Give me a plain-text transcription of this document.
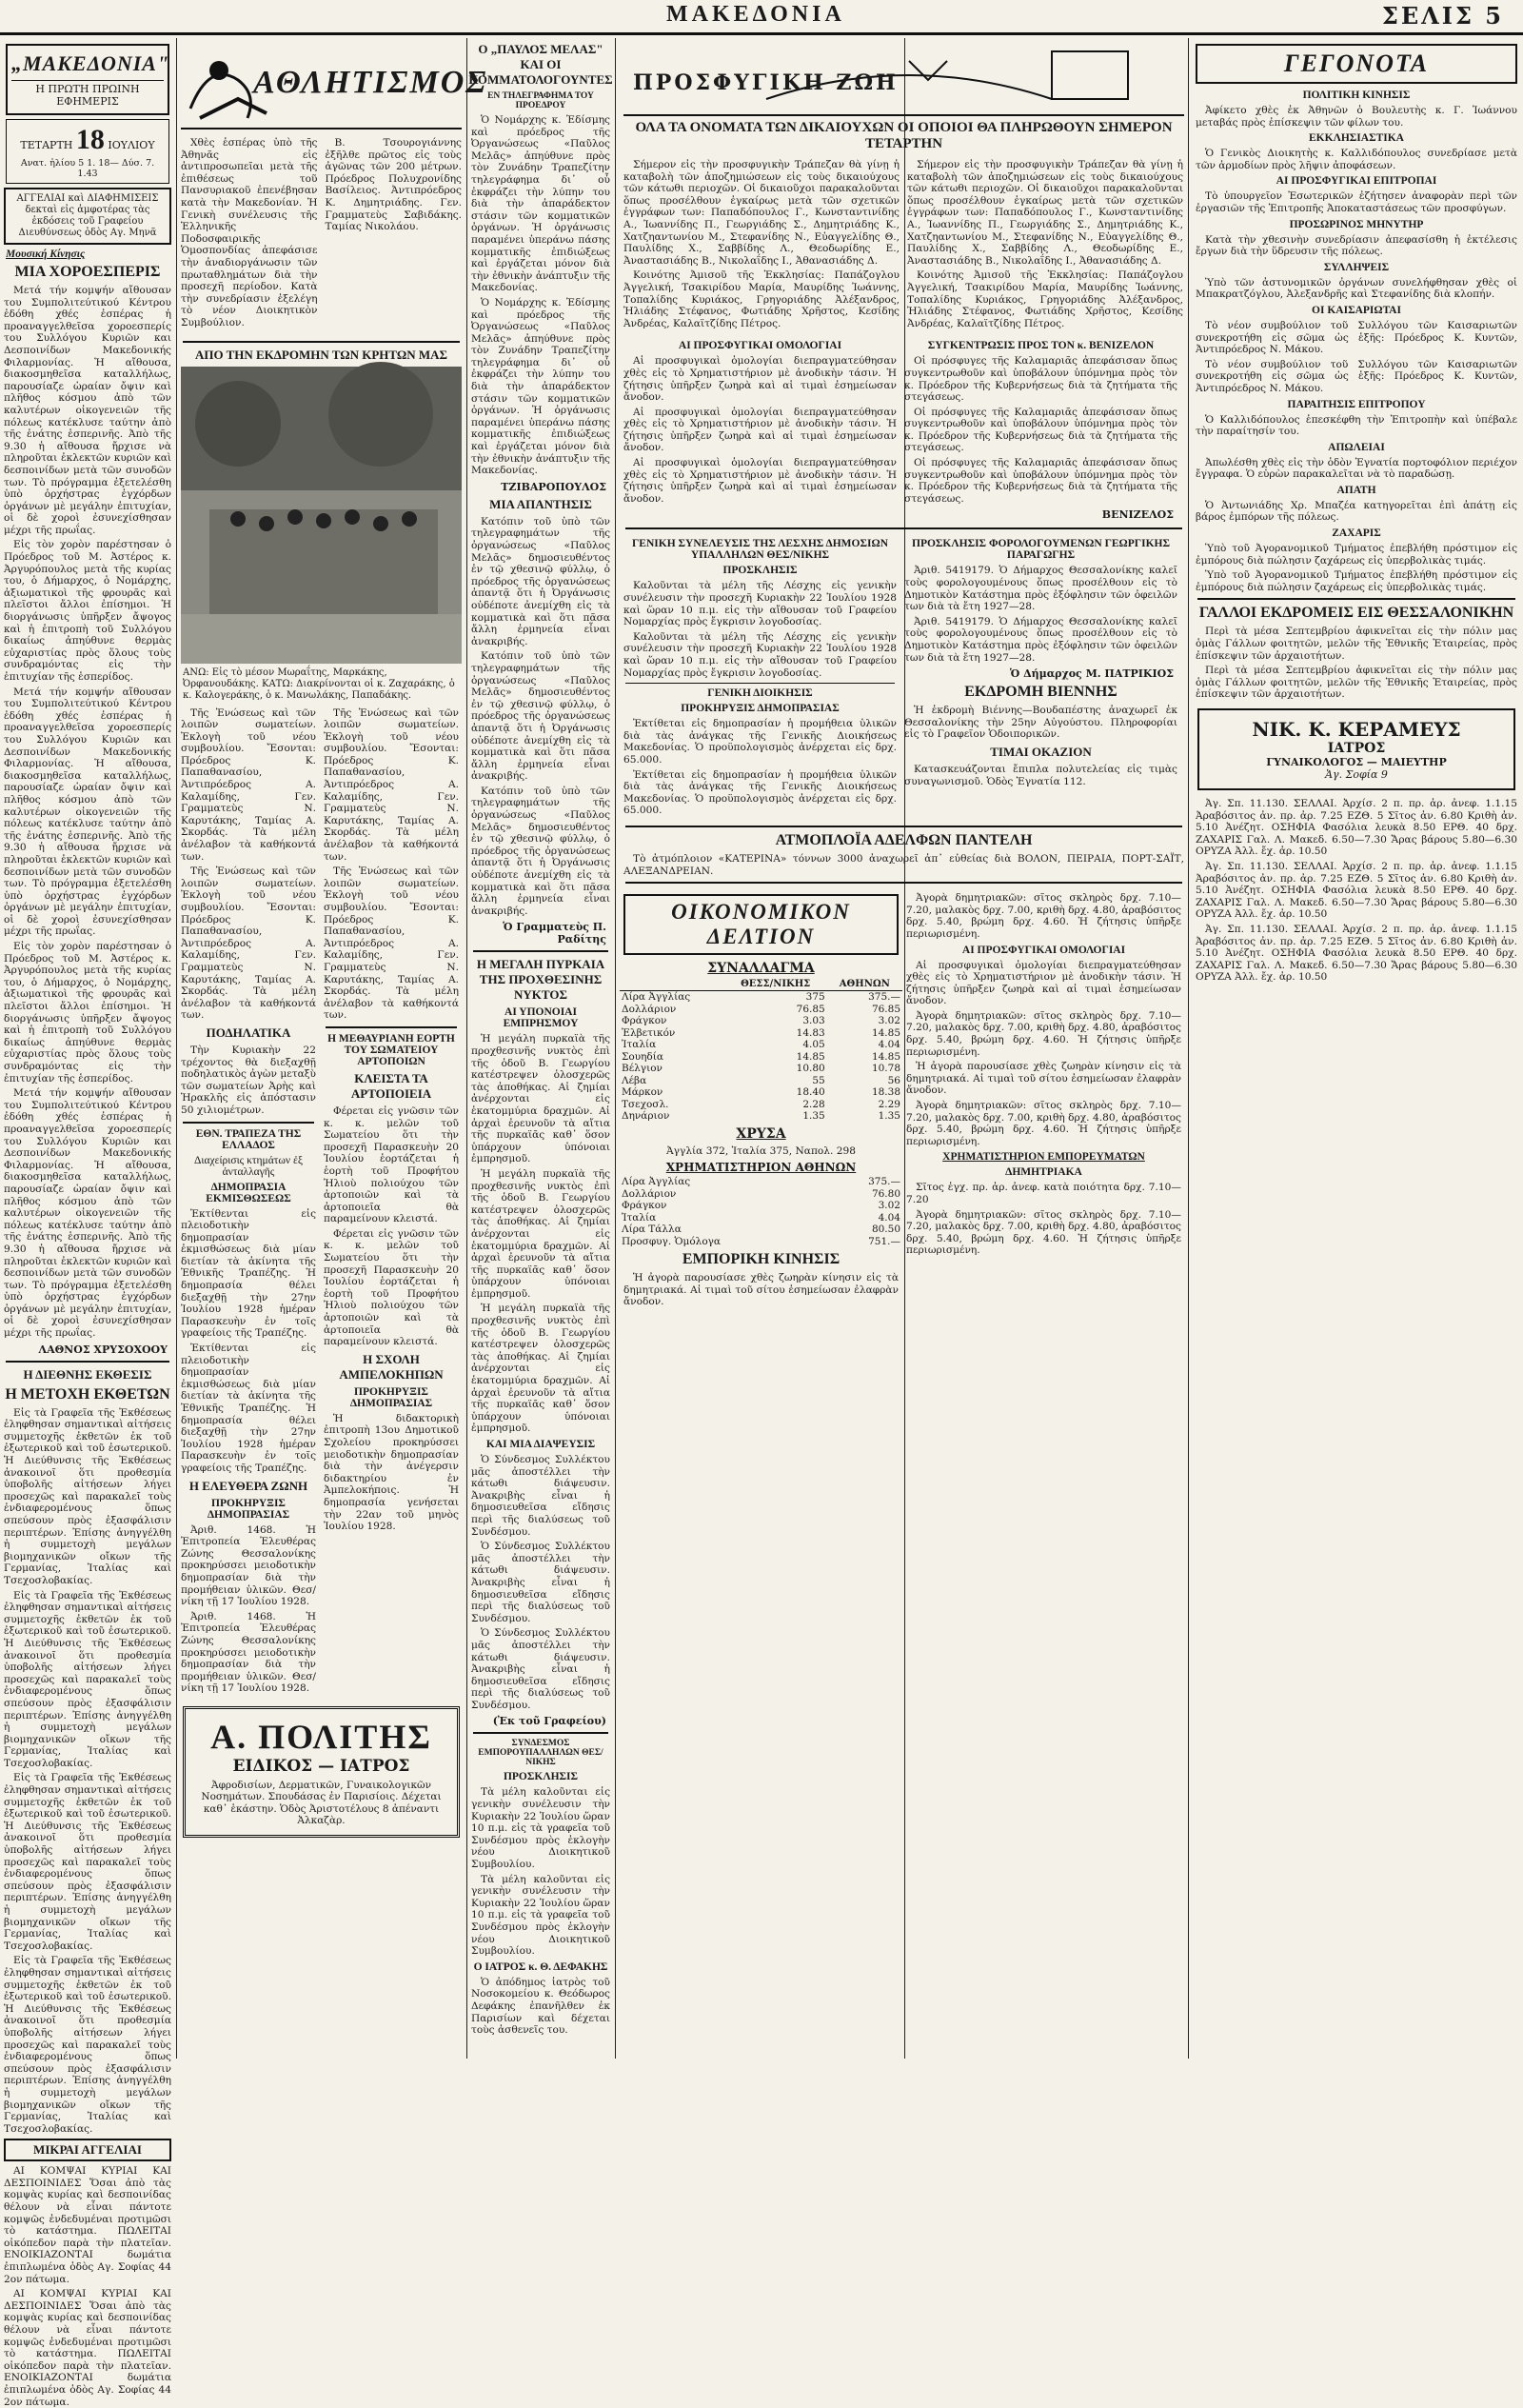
ΜΑΚΕΔΟΝΙΑ	ΣΕΛΙΣ 5
„ΜΑΚΕΔΟΝΙΑ"
Η ΠΡΩΤΗ ΠΡΩΙΝΗ ΕΦΗΜΕΡΙΣ
ΤΕΤΑΡΤΗ 18 ΙΟΥΛΙΟΥ
Ανατ. ἡλίου 5 1. 18— Δύσ. 7. 1.43
ΑΓΓΕΛΙΑΙ καὶ ΔΙΑΦΗΜΙΣΕΙΣ δεκταὶ εἰς ἀμφοτέρας τὰς ἐκδόσεις τοῦ Γραφείου Διευθύνσεως ὁδὸς Αγ. Μηνᾶ
Μουσική Κίνησις
ΜΙΑ ΧΟΡΟΕΣΠΕΡΙΣ

Μετά τήν κομψήν αἴθουσαν του Συμπολιτεύτικού Κέντρου ἐδόθη χθές ἐσπέρας ἡ προαναγγελθεῖσα χοροεσπερίς του Συλλόγου Κυριῶν και Δεσποινίδων Μακεδονικής Φιλαρμονίας. Ἡ αἴθουσα, διακοσμηθεῖσα καταλλήλως, παρουσίαζε ὡραίαν ὄψιν καὶ πλῆθος κόσμου ἀπὸ τῶν καλυτέρων οἰκογενειῶν τῆς πόλεως κατέκλυσε ταύτην ἀπὸ τῆς ἐνάτης ἑσπερινῆς. Ἀπὸ τῆς 9.30 ἡ αἴθουσα ἤρχισε νὰ πληροῦται ἐκλεκτῶν κυριῶν καὶ δεσποινίδων μετὰ τῶν συνοδῶν των. Τὸ πρόγραμμα ἐξετελέσθη ὑπὸ ὀρχήστρας ἐγχόρδων ὀργάνων μὲ μεγάλην ἐπιτυχίαν, οἱ δὲ χοροὶ ἐσυνεχίσθησαν μέχρι τῆς πρωΐας.

Εἰς τὸν χορὸν παρέστησαν ὁ Πρόεδρος τοῦ Μ. Ἀστέρος κ. Ἀργυρόπουλος μετὰ τῆς κυρίας του, ὁ Δήμαρχος, ὁ Νομάρχης, ἀξιωματικοὶ τῆς φρουρᾶς καὶ πλεῖστοι ἄλλοι ἐπίσημοι. Ἡ διοργάνωσις ὑπῆρξεν ἄψογος καὶ ἡ ἐπιτροπὴ τοῦ Συλλόγου δικαίως ἀπηύθυνε θερμὰς εὐχαριστίας πρὸς ὅλους τοὺς συνδραμόντας εἰς τὴν ἐπιτυχίαν τῆς ἑσπερίδος.

Μετά τήν κομψήν αἴθουσαν του Συμπολιτεύτικού Κέντρου ἐδόθη χθές ἐσπέρας ἡ προαναγγελθεῖσα χοροεσπερίς του Συλλόγου Κυριῶν και Δεσποινίδων Μακεδονικής Φιλαρμονίας. Ἡ αἴθουσα, διακοσμηθεῖσα καταλλήλως, παρουσίαζε ὡραίαν ὄψιν καὶ πλῆθος κόσμου ἀπὸ τῶν καλυτέρων οἰκογενειῶν τῆς πόλεως κατέκλυσε ταύτην ἀπὸ τῆς ἐνάτης ἑσπερινῆς. Ἀπὸ τῆς 9.30 ἡ αἴθουσα ἤρχισε νὰ πληροῦται ἐκλεκτῶν κυριῶν καὶ δεσποινίδων μετὰ τῶν συνοδῶν των. Τὸ πρόγραμμα ἐξετελέσθη ὑπὸ ὀρχήστρας ἐγχόρδων ὀργάνων μὲ μεγάλην ἐπιτυχίαν, οἱ δὲ χοροὶ ἐσυνεχίσθησαν μέχρι τῆς πρωΐας.

Εἰς τὸν χορὸν παρέστησαν ὁ Πρόεδρος τοῦ Μ. Ἀστέρος κ. Ἀργυρόπουλος μετὰ τῆς κυρίας του, ὁ Δήμαρχος, ὁ Νομάρχης, ἀξιωματικοὶ τῆς φρουρᾶς καὶ πλεῖστοι ἄλλοι ἐπίσημοι. Ἡ διοργάνωσις ὑπῆρξεν ἄψογος καὶ ἡ ἐπιτροπὴ τοῦ Συλλόγου δικαίως ἀπηύθυνε θερμὰς εὐχαριστίας πρὸς ὅλους τοὺς συνδραμόντας εἰς τὴν ἐπιτυχίαν τῆς ἑσπερίδος.

Μετά τήν κομψήν αἴθουσαν του Συμπολιτεύτικού Κέντρου ἐδόθη χθές ἐσπέρας ἡ προαναγγελθεῖσα χοροεσπερίς του Συλλόγου Κυριῶν και Δεσποινίδων Μακεδονικής Φιλαρμονίας. Ἡ αἴθουσα, διακοσμηθεῖσα καταλλήλως, παρουσίαζε ὡραίαν ὄψιν καὶ πλῆθος κόσμου ἀπὸ τῶν καλυτέρων οἰκογενειῶν τῆς πόλεως κατέκλυσε ταύτην ἀπὸ τῆς ἐνάτης ἑσπερινῆς. Ἀπὸ τῆς 9.30 ἡ αἴθουσα ἤρχισε νὰ πληροῦται ἐκλεκτῶν κυριῶν καὶ δεσποινίδων μετὰ τῶν συνοδῶν των. Τὸ πρόγραμμα ἐξετελέσθη ὑπὸ ὀρχήστρας ἐγχόρδων ὀργάνων μὲ μεγάλην ἐπιτυχίαν, οἱ δὲ χοροὶ ἐσυνεχίσθησαν μέχρι τῆς πρωΐας.

ΛΑΘΝΟΣ ΧΡΥΣΟΧΟΟΥ
Η ΔΙΕΘΝΗΣ ΕΚΘΕΣΙΣ
Η ΜΕΤΟΧΗ ΕΚΘΕΤΩΝ

Εἰς τὰ Γραφεῖα τῆς Ἐκθέσεως ἐληφθησαν σημαντικαὶ αἰτήσεις συμμετοχῆς ἐκθετῶν ἐκ τοῦ ἐξωτερικοῦ καὶ τοῦ ἐσωτερικοῦ. Ἡ Διεύθυνσις τῆς Ἐκθέσεως ἀνακοινοῖ ὅτι προθεσμία ὑποβολῆς αἰτήσεων λήγει προσεχῶς καὶ παρακαλεῖ τοὺς ἐνδιαφερομένους ὅπως σπεύσουν πρὸς ἐξασφάλισιν περιπτέρων. Ἐπίσης ἀνηγγέλθη ἡ συμμετοχὴ μεγάλων βιομηχανικῶν οἴκων τῆς Γερμανίας, Ἰταλίας καὶ Τσεχοσλοβακίας.

Εἰς τὰ Γραφεῖα τῆς Ἐκθέσεως ἐληφθησαν σημαντικαὶ αἰτήσεις συμμετοχῆς ἐκθετῶν ἐκ τοῦ ἐξωτερικοῦ καὶ τοῦ ἐσωτερικοῦ. Ἡ Διεύθυνσις τῆς Ἐκθέσεως ἀνακοινοῖ ὅτι προθεσμία ὑποβολῆς αἰτήσεων λήγει προσεχῶς καὶ παρακαλεῖ τοὺς ἐνδιαφερομένους ὅπως σπεύσουν πρὸς ἐξασφάλισιν περιπτέρων. Ἐπίσης ἀνηγγέλθη ἡ συμμετοχὴ μεγάλων βιομηχανικῶν οἴκων τῆς Γερμανίας, Ἰταλίας καὶ Τσεχοσλοβακίας.

Εἰς τὰ Γραφεῖα τῆς Ἐκθέσεως ἐληφθησαν σημαντικαὶ αἰτήσεις συμμετοχῆς ἐκθετῶν ἐκ τοῦ ἐξωτερικοῦ καὶ τοῦ ἐσωτερικοῦ. Ἡ Διεύθυνσις τῆς Ἐκθέσεως ἀνακοινοῖ ὅτι προθεσμία ὑποβολῆς αἰτήσεων λήγει προσεχῶς καὶ παρακαλεῖ τοὺς ἐνδιαφερομένους ὅπως σπεύσουν πρὸς ἐξασφάλισιν περιπτέρων. Ἐπίσης ἀνηγγέλθη ἡ συμμετοχὴ μεγάλων βιομηχανικῶν οἴκων τῆς Γερμανίας, Ἰταλίας καὶ Τσεχοσλοβακίας.

Εἰς τὰ Γραφεῖα τῆς Ἐκθέσεως ἐληφθησαν σημαντικαὶ αἰτήσεις συμμετοχῆς ἐκθετῶν ἐκ τοῦ ἐξωτερικοῦ καὶ τοῦ ἐσωτερικοῦ. Ἡ Διεύθυνσις τῆς Ἐκθέσεως ἀνακοινοῖ ὅτι προθεσμία ὑποβολῆς αἰτήσεων λήγει προσεχῶς καὶ παρακαλεῖ τοὺς ἐνδιαφερομένους ὅπως σπεύσουν πρὸς ἐξασφάλισιν περιπτέρων. Ἐπίσης ἀνηγγέλθη ἡ συμμετοχὴ μεγάλων βιομηχανικῶν οἴκων τῆς Γερμανίας, Ἰταλίας καὶ Τσεχοσλοβακίας.

ΜΙΚΡΑΙ ΑΓΓΕΛΙΑΙ

ΑΙ ΚΟΜΨΑΙ ΚΥΡΙΑΙ ΚΑΙ ΔΕΣΠΟΙΝΙΔΕΣ Ὅσαι ἀπὸ τὰς κομψὰς κυρίας καὶ δεσποινίδας θέλουν νὰ εἶναι πάντοτε κομψῶς ἐνδεδυμέναι προτιμῶσι τὸ κατάστημα. ΠΩΛΕΙΤΑΙ οἰκόπεδον παρὰ τὴν πλατεῖαν. ΕΝΟΙΚΙΑΖΟΝΤΑΙ δωμάτια ἐπιπλωμένα ὁδὸς Αγ. Σοφίας 44 2ον πάτωμα.

ΑΙ ΚΟΜΨΑΙ ΚΥΡΙΑΙ ΚΑΙ ΔΕΣΠΟΙΝΙΔΕΣ Ὅσαι ἀπὸ τὰς κομψὰς κυρίας καὶ δεσποινίδας θέλουν νὰ εἶναι πάντοτε κομψῶς ἐνδεδυμέναι προτιμῶσι τὸ κατάστημα. ΠΩΛΕΙΤΑΙ οἰκόπεδον παρὰ τὴν πλατεῖαν. ΕΝΟΙΚΙΑΖΟΝΤΑΙ δωμάτια ἐπιπλωμένα ὁδὸς Αγ. Σοφίας 44 2ον πάτωμα.

ΑΘΛΗΤΙΣΜΟΣ

Χθὲς ἑσπέρας ὑπὸ τῆς Ἀθηνᾶς εἰς ἀντιπροσωπεῖαι μετὰ τῆς ἐπιθέσεως τοῦ Πανσυριακοῦ ἐπενέβησαν κατὰ τὴν Μακεδονίαν. Ἡ Γενικὴ συνέλευσις τῆς Ἑλληνικῆς Ποδοσφαιρικῆς Ὁμοσπονδίας ἀπεφάσισε τὴν ἀναδιοργάνωσιν τῶν πρωταθλημάτων διὰ τὴν προσεχῆ περίοδον. Κατὰ τὴν συνεδρίασιν ἐξελέγη τὸ νέον Διοικητικὸν Συμβούλιον.

Β. Τσουρογιάννης ἐξῆλθε πρῶτος εἰς τοὺς ἀγῶνας τῶν 200 μέτρων. Πρόεδρος Πολυχρονίδης Βασίλειος. Ἀντιπρόεδρος Κ. Δημητριάδης. Γεν. Γραμματεὺς Σαβιδάκης. Ταμίας Νικολάου.

ΑΠΟ ΤΗΝ ΕΚΔΡΟΜΗΝ ΤΩΝ ΚΡΗΤΩΝ ΜΑΣ
ΑΝΩ: Εἰς τὸ μέσον Μωραΐτης, Μαρκάκης, Ὀρφανουδάκης. ΚΑΤΩ: Διακρίνονται οἱ κ. Ζαχαράκης, ὁ κ. Καλογεράκης, ὁ κ. Μανωλάκης, Παπαδάκης.

Τῆς Ἑνώσεως καὶ τῶν λοιπῶν σωματείων. Ἐκλογὴ τοῦ νέου συμβουλίου. Ἔσονται: Πρόεδρος Κ. Παπαθανασίου, Ἀντιπρόεδρος Α. Καλαμίδης, Γεν. Γραμματεὺς Ν. Καρυτάκης, Ταμίας Α. Σκορδάς. Τὰ μέλη ἀνέλαβον τὰ καθήκοντά των.

Τῆς Ἑνώσεως καὶ τῶν λοιπῶν σωματείων. Ἐκλογὴ τοῦ νέου συμβουλίου. Ἔσονται: Πρόεδρος Κ. Παπαθανασίου, Ἀντιπρόεδρος Α. Καλαμίδης, Γεν. Γραμματεὺς Ν. Καρυτάκης, Ταμίας Α. Σκορδάς. Τὰ μέλη ἀνέλαβον τὰ καθήκοντά των.

ΠΟΔΗΛΑΤΙΚΑ

Τὴν Κυριακὴν 22 τρέχοντος θὰ διεξαχθῇ ποδηλατικὸς ἀγὼν μεταξὺ τῶν σωματείων Ἀρὴς καὶ Ἡρακλῆς εἰς ἀπόστασιν 50 χιλιομέτρων.

ΕΘΝ. ΤΡΑΠΕΖΑ ΤΗΣ ΕΛΛΑΔΟΣ
Διαχείρισις κτημάτων ἐξ ἀνταλλαγῆς
ΔΗΜΟΠΡΑΣΙΑ ΕΚΜΙΣΘΩΣΕΩΣ

Ἐκτίθενται εἰς πλειοδοτικὴν δημοπρασίαν ἐκμισθώσεως διὰ μίαν διετίαν τὰ ἀκίνητα τῆς Ἐθνικῆς Τραπέζης. Ἡ δημοπρασία θέλει διεξαχθῇ τὴν 27ην Ἰουλίου 1928 ἡμέραν Παρασκευὴν ἐν τοῖς γραφείοις τῆς Τραπέζης.

Ἐκτίθενται εἰς πλειοδοτικὴν δημοπρασίαν ἐκμισθώσεως διὰ μίαν διετίαν τὰ ἀκίνητα τῆς Ἐθνικῆς Τραπέζης. Ἡ δημοπρασία θέλει διεξαχθῇ τὴν 27ην Ἰουλίου 1928 ἡμέραν Παρασκευὴν ἐν τοῖς γραφείοις τῆς Τραπέζης.

Η ΕΛΕΥΘΕΡΑ ΖΩΝΗ
ΠΡΟΚΗΡΥΞΙΣ ΔΗΜΟΠΡΑΣΙΑΣ

Ἀριθ. 1468. Ἡ Ἐπιτροπεία Ἐλευθέρας Ζώνης Θεσσαλονίκης προκηρύσσει μειοδοτικὴν δημοπρασίαν διὰ τὴν προμήθειαν ὑλικῶν. Θεσ/νίκη τῇ 17 Ἰουλίου 1928.

Ἀριθ. 1468. Ἡ Ἐπιτροπεία Ἐλευθέρας Ζώνης Θεσσαλονίκης προκηρύσσει μειοδοτικὴν δημοπρασίαν διὰ τὴν προμήθειαν ὑλικῶν. Θεσ/νίκη τῇ 17 Ἰουλίου 1928.

Τῆς Ἑνώσεως καὶ τῶν λοιπῶν σωματείων. Ἐκλογὴ τοῦ νέου συμβουλίου. Ἔσονται: Πρόεδρος Κ. Παπαθανασίου, Ἀντιπρόεδρος Α. Καλαμίδης, Γεν. Γραμματεὺς Ν. Καρυτάκης, Ταμίας Α. Σκορδάς. Τὰ μέλη ἀνέλαβον τὰ καθήκοντά των.

Τῆς Ἑνώσεως καὶ τῶν λοιπῶν σωματείων. Ἐκλογὴ τοῦ νέου συμβουλίου. Ἔσονται: Πρόεδρος Κ. Παπαθανασίου, Ἀντιπρόεδρος Α. Καλαμίδης, Γεν. Γραμματεὺς Ν. Καρυτάκης, Ταμίας Α. Σκορδάς. Τὰ μέλη ἀνέλαβον τὰ καθήκοντά των.

Η ΜΕΘΑΥΡΙΑΝΗ ΕΟΡΤΗ ΤΟΥ ΣΩΜΑΤΕΙΟΥ ΑΡΤΟΠΟΙΩΝ
ΚΛΕΙΣΤΑ ΤΑ ΑΡΤΟΠΟΙΕΙΑ

Φέρεται εἰς γνῶσιν τῶν κ. κ. μελῶν τοῦ Σωματείου ὅτι τὴν προσεχῆ Παρασκευὴν 20 Ἰουλίου ἑορτάζεται ἡ ἑορτὴ τοῦ Προφήτου Ἠλιοὺ πολιούχου τῶν ἀρτοποιῶν καὶ τὰ ἀρτοποιεῖα θὰ παραμείνουν κλειστά.

Φέρεται εἰς γνῶσιν τῶν κ. κ. μελῶν τοῦ Σωματείου ὅτι τὴν προσεχῆ Παρασκευὴν 20 Ἰουλίου ἑορτάζεται ἡ ἑορτὴ τοῦ Προφήτου Ἠλιοὺ πολιούχου τῶν ἀρτοποιῶν καὶ τὰ ἀρτοποιεῖα θὰ παραμείνουν κλειστά.

Η ΣΧΟΛΗ ΑΜΠΕΛΟΚΗΠΩΝ
ΠΡΟΚΗΡΥΞΙΣ ΔΗΜΟΠΡΑΣΙΑΣ

Ἡ διδακτορικὴ ἐπιτροπὴ 13ου Δημοτικοῦ Σχολείου προκηρύσσει μειοδοτικὴν δημοπρασίαν διὰ τὴν ἀνέγερσιν διδακτηρίου ἐν Ἀμπελοκήποις. Ἡ δημοπρασία γενήσεται τὴν 22αν τοῦ μηνὸς Ἰουλίου 1928.

Α. ΠΟΛΙΤΗΣ
ΕΙΔΙΚΟΣ — ΙΑΤΡΟΣ
Ἀφροδισίων, Δερματικῶν, Γυναικολογικῶν Νοσημάτων. Σπουδάσας ἐν Παρισίοις. Δέχεται καθ᾽ ἑκάστην. Ὁδὸς Ἀριστοτέλους 8 ἀπέναντι Ἀλκαζὰρ.
Ο „ΠΑΥΛΟΣ ΜΕΛΑΣ" ΚΑΙ ΟΙ ΚΟΜΜΑΤΟΛΟΓΟΥΝΤΕΣ
ΕΝ ΤΗΛΕΓΡΑΦΗΜΑ ΤΟΥ ΠΡΟΕΔΡΟΥ

Ὁ Νομάρχης κ. Ἐδίσμης καὶ πρόεδρος τῆς Ὀργανώσεως «Παῦλος Μελᾶς» ἀπηύθυνε πρὸς τὸν Ζυνάδην Τραπεζίτην τηλεγράφημα δι᾽ οὗ ἐκφράζει τὴν λύπην του διὰ τὴν ἀπαράδεκτον στάσιν τῶν κομματικῶν ὀργάνων. Ἡ ὀργάνωσις παραμένει ὑπεράνω πάσης κομματικῆς ἐπιδιώξεως καὶ ἐργάζεται μόνον διὰ τὴν ἐθνικὴν ἀνάπτυξιν τῆς Μακεδονίας.

Ὁ Νομάρχης κ. Ἐδίσμης καὶ πρόεδρος τῆς Ὀργανώσεως «Παῦλος Μελᾶς» ἀπηύθυνε πρὸς τὸν Ζυνάδην Τραπεζίτην τηλεγράφημα δι᾽ οὗ ἐκφράζει τὴν λύπην του διὰ τὴν ἀπαράδεκτον στάσιν τῶν κομματικῶν ὀργάνων. Ἡ ὀργάνωσις παραμένει ὑπεράνω πάσης κομματικῆς ἐπιδιώξεως καὶ ἐργάζεται μόνον διὰ τὴν ἐθνικὴν ἀνάπτυξιν τῆς Μακεδονίας.

ΤΖΙΒΑΡΟΠΟΥΛΟΣ
ΜΙΑ ΑΠΑΝΤΗΣΙΣ

Κατόπιν τοῦ ὑπὸ τῶν τηλεγραφημάτων τῆς ὀργανώσεως «Παῦλος Μελᾶς» δημοσιευθέντος ἐν τῷ χθεσινῷ φύλλῳ, ὁ πρόεδρος τῆς ὀργανώσεως ἀπαντᾷ ὅτι ἡ Ὀργάνωσις οὐδέποτε ἀνεμίχθη εἰς τὰ κομματικὰ καὶ ὅτι πᾶσα ἄλλη ἐρμηνεία εἶναι ἀνακριβής.

Κατόπιν τοῦ ὑπὸ τῶν τηλεγραφημάτων τῆς ὀργανώσεως «Παῦλος Μελᾶς» δημοσιευθέντος ἐν τῷ χθεσινῷ φύλλῳ, ὁ πρόεδρος τῆς ὀργανώσεως ἀπαντᾷ ὅτι ἡ Ὀργάνωσις οὐδέποτε ἀνεμίχθη εἰς τὰ κομματικὰ καὶ ὅτι πᾶσα ἄλλη ἐρμηνεία εἶναι ἀνακριβής.

Κατόπιν τοῦ ὑπὸ τῶν τηλεγραφημάτων τῆς ὀργανώσεως «Παῦλος Μελᾶς» δημοσιευθέντος ἐν τῷ χθεσινῷ φύλλῳ, ὁ πρόεδρος τῆς ὀργανώσεως ἀπαντᾷ ὅτι ἡ Ὀργάνωσις οὐδέποτε ἀνεμίχθη εἰς τὰ κομματικὰ καὶ ὅτι πᾶσα ἄλλη ἐρμηνεία εἶναι ἀνακριβής.

Ὁ Γραμματεὺς Π. Ραδίτης
Η ΜΕΓΑΛΗ ΠΥΡΚΑΙΑ ΤΗΣ ΠΡΟΧΘΕΣΙΝΗΣ ΝΥΚΤΟΣ
ΑΙ ΥΠΟΝΟΙΑΙ ΕΜΠΡΗΣΜΟΥ

Ἡ μεγάλη πυρκαϊὰ τῆς προχθεσινῆς νυκτὸς ἐπὶ τῆς ὁδοῦ Β. Γεωργίου κατέστρεψεν ὁλοσχερῶς τὰς ἀποθήκας. Αἱ ζημίαι ἀνέρχονται εἰς ἑκατομμύρια δραχμῶν. Αἱ ἀρχαὶ ἐρευνοῦν τὰ αἴτια τῆς πυρκαϊᾶς καθ᾽ ὅσον ὑπάρχουν ὑπόνοιαι ἐμπρησμοῦ.

Ἡ μεγάλη πυρκαϊὰ τῆς προχθεσινῆς νυκτὸς ἐπὶ τῆς ὁδοῦ Β. Γεωργίου κατέστρεψεν ὁλοσχερῶς τὰς ἀποθήκας. Αἱ ζημίαι ἀνέρχονται εἰς ἑκατομμύρια δραχμῶν. Αἱ ἀρχαὶ ἐρευνοῦν τὰ αἴτια τῆς πυρκαϊᾶς καθ᾽ ὅσον ὑπάρχουν ὑπόνοιαι ἐμπρησμοῦ.

Ἡ μεγάλη πυρκαϊὰ τῆς προχθεσινῆς νυκτὸς ἐπὶ τῆς ὁδοῦ Β. Γεωργίου κατέστρεψεν ὁλοσχερῶς τὰς ἀποθήκας. Αἱ ζημίαι ἀνέρχονται εἰς ἑκατομμύρια δραχμῶν. Αἱ ἀρχαὶ ἐρευνοῦν τὰ αἴτια τῆς πυρκαϊᾶς καθ᾽ ὅσον ὑπάρχουν ὑπόνοιαι ἐμπρησμοῦ.

ΚΑΙ ΜΙΑ ΔΙΑΨΕΥΣΙΣ

Ὁ Σύνδεσμος Συλλέκτου μᾶς ἀποστέλλει τὴν κάτωθι διάψευσιν. Ἀνακριβὴς εἶναι ἡ δημοσιευθεῖσα εἴδησις περὶ τῆς διαλύσεως τοῦ Συνδέσμου.

Ὁ Σύνδεσμος Συλλέκτου μᾶς ἀποστέλλει τὴν κάτωθι διάψευσιν. Ἀνακριβὴς εἶναι ἡ δημοσιευθεῖσα εἴδησις περὶ τῆς διαλύσεως τοῦ Συνδέσμου.

Ὁ Σύνδεσμος Συλλέκτου μᾶς ἀποστέλλει τὴν κάτωθι διάψευσιν. Ἀνακριβὴς εἶναι ἡ δημοσιευθεῖσα εἴδησις περὶ τῆς διαλύσεως τοῦ Συνδέσμου.

(Ἐκ τοῦ Γραφείου)
ΣΥΝΔΕΣΜΟΣ ΕΜΠΟΡΟΥΠΑΛΛΗΛΩΝ ΘΕΣ/ΝΙΚΗΣ
ΠΡΟΣΚΛΗΣΙΣ

Τὰ μέλη καλοῦνται εἰς γενικὴν συνέλευσιν τὴν Κυριακὴν 22 Ἰουλίου ὥραν 10 π.μ. εἰς τὰ γραφεῖα τοῦ Συνδέσμου πρὸς ἐκλογὴν νέου Διοικητικοῦ Συμβουλίου.

Τὰ μέλη καλοῦνται εἰς γενικὴν συνέλευσιν τὴν Κυριακὴν 22 Ἰουλίου ὥραν 10 π.μ. εἰς τὰ γραφεῖα τοῦ Συνδέσμου πρὸς ἐκλογὴν νέου Διοικητικοῦ Συμβουλίου.

Ο ΙΑΤΡΟΣ κ. Θ. ΔΕΦΑΚΗΣ

Ὁ ἀπόδημος ἰατρὸς τοῦ Νοσοκομείου κ. Θεόδωρος Δεφάκης ἐπανῆλθεν ἐκ Παρισίων καὶ δέχεται τοὺς ἀσθενεῖς του.

ΠΡΟΣΦΥΓΙΚΗ ΖΩΗ
ΟΛΑ ΤΑ ΟΝΟΜΑΤΑ ΤΩΝ ΔΙΚΑΙΟΥΧΩΝ ΟΙ ΟΠΟΙΟΙ ΘΑ ΠΛΗΡΩΘΟΥΝ ΣΗΜΕΡΟΝ ΤΕΤΑΡΤΗΝ

Σήμερον εἰς τὴν προσφυγικὴν Τράπεζαν θὰ γίνῃ ἡ καταβολὴ τῶν ἀποζημιώσεων εἰς τοὺς δικαιούχους τῶν κάτωθι περιοχῶν. Οἱ δικαιοῦχοι παρακαλοῦνται ὅπως προσέλθουν ἐγκαίρως μετὰ τῶν σχετικῶν ἐγγράφων των: Παπαδόπουλος Γ., Κωνσταντινίδης Α., Ἰωαννίδης Π., Γεωργιάδης Σ., Δημητριάδης Κ., Χατζηαντωνίου Μ., Στεφανίδης Ν., Εὐαγγελίδης Θ., Παυλίδης Χ., Σαββίδης Λ., Θεοδωρίδης Ε., Ἀναστασιάδης Β., Νικολαΐδης Ι., Ἀθανασιάδης Δ.

Κοινότης Ἀμισοῦ τῆς Ἐκκλησίας: Παπάζογλου Ἀγγελική, Τσακιρίδου Μαρία, Μαυρίδης Ἰωάννης, Τοπαλίδης Κυριάκος, Γρηγοριάδης Ἀλέξανδρος, Ἠλιάδης Στέφανος, Φωτιάδης Χρῆστος, Κεσίδης Ἀνδρέας, Καλαϊτζίδης Πέτρος.

Σήμερον εἰς τὴν προσφυγικὴν Τράπεζαν θὰ γίνῃ ἡ καταβολὴ τῶν ἀποζημιώσεων εἰς τοὺς δικαιούχους τῶν κάτωθι περιοχῶν. Οἱ δικαιοῦχοι παρακαλοῦνται ὅπως προσέλθουν ἐγκαίρως μετὰ τῶν σχετικῶν ἐγγράφων των: Παπαδόπουλος Γ., Κωνσταντινίδης Α., Ἰωαννίδης Π., Γεωργιάδης Σ., Δημητριάδης Κ., Χατζηαντωνίου Μ., Στεφανίδης Ν., Εὐαγγελίδης Θ., Παυλίδης Χ., Σαββίδης Λ., Θεοδωρίδης Ε., Ἀναστασιάδης Β., Νικολαΐδης Ι., Ἀθανασιάδης Δ.

Κοινότης Ἀμισοῦ τῆς Ἐκκλησίας: Παπάζογλου Ἀγγελική, Τσακιρίδου Μαρία, Μαυρίδης Ἰωάννης, Τοπαλίδης Κυριάκος, Γρηγοριάδης Ἀλέξανδρος, Ἠλιάδης Στέφανος, Φωτιάδης Χρῆστος, Κεσίδης Ἀνδρέας, Καλαϊτζίδης Πέτρος.

ΑΙ ΠΡΟΣΦΥΓΙΚΑΙ ΟΜΟΛΟΓΙΑΙ

Αἱ προσφυγικαὶ ὁμολογίαι διεπραγματεύθησαν χθὲς εἰς τὸ Χρηματιστήριον μὲ ἀνοδικὴν τάσιν. Ἡ ζήτησις ὑπῆρξεν ζωηρὰ καὶ αἱ τιμαὶ ἐσημείωσαν ἄνοδον.

Αἱ προσφυγικαὶ ὁμολογίαι διεπραγματεύθησαν χθὲς εἰς τὸ Χρηματιστήριον μὲ ἀνοδικὴν τάσιν. Ἡ ζήτησις ὑπῆρξεν ζωηρὰ καὶ αἱ τιμαὶ ἐσημείωσαν ἄνοδον.

Αἱ προσφυγικαὶ ὁμολογίαι διεπραγματεύθησαν χθὲς εἰς τὸ Χρηματιστήριον μὲ ἀνοδικὴν τάσιν. Ἡ ζήτησις ὑπῆρξεν ζωηρὰ καὶ αἱ τιμαὶ ἐσημείωσαν ἄνοδον.

ΣΥΓΚΕΝΤΡΩΣΙΣ ΠΡΟΣ ΤΟΝ κ. ΒΕΝΙΖΕΛΟΝ

Οἱ πρόσφυγες τῆς Καλαμαριᾶς ἀπεφάσισαν ὅπως συγκεντρωθοῦν καὶ ὑποβάλουν ὑπόμνημα πρὸς τὸν κ. Πρόεδρον τῆς Κυβερνήσεως διὰ τὰ ζητήματα τῆς στεγάσεως.

Οἱ πρόσφυγες τῆς Καλαμαριᾶς ἀπεφάσισαν ὅπως συγκεντρωθοῦν καὶ ὑποβάλουν ὑπόμνημα πρὸς τὸν κ. Πρόεδρον τῆς Κυβερνήσεως διὰ τὰ ζητήματα τῆς στεγάσεως.

Οἱ πρόσφυγες τῆς Καλαμαριᾶς ἀπεφάσισαν ὅπως συγκεντρωθοῦν καὶ ὑποβάλουν ὑπόμνημα πρὸς τὸν κ. Πρόεδρον τῆς Κυβερνήσεως διὰ τὰ ζητήματα τῆς στεγάσεως.

ΒΕΝΙΖΕΛΟΣ
ΓΕΝΙΚΗ ΣΥΝΕΛΕΥΣΙΣ ΤΗΣ ΛΕΣΧΗΣ ΔΗΜΟΣΙΩΝ ΥΠΑΛΛΗΛΩΝ ΘΕΣ/ΝΙΚΗΣ
ΠΡΟΣΚΛΗΣΙΣ

Καλοῦνται τὰ μέλη τῆς Λέσχης εἰς γενικὴν συνέλευσιν τὴν προσεχῆ Κυριακὴν 22 Ἰουλίου 1928 καὶ ὥραν 10 π.μ. εἰς τὴν αἴθουσαν τοῦ Γραφείου Νομαρχίας πρὸς ἔγκρισιν λογοδοσίας.

Καλοῦνται τὰ μέλη τῆς Λέσχης εἰς γενικὴν συνέλευσιν τὴν προσεχῆ Κυριακὴν 22 Ἰουλίου 1928 καὶ ὥραν 10 π.μ. εἰς τὴν αἴθουσαν τοῦ Γραφείου Νομαρχίας πρὸς ἔγκρισιν λογοδοσίας.

ΓΕΝΙΚΗ ΔΙΟΙΚΗΣΙΣ
ΠΡΟΚΗΡΥΞΙΣ ΔΗΜΟΠΡΑΣΙΑΣ

Ἐκτίθεται εἰς δημοπρασίαν ἡ προμήθεια ὑλικῶν διὰ τὰς ἀνάγκας τῆς Γενικῆς Διοικήσεως Μακεδονίας. Ὁ προϋπολογισμὸς ἀνέρχεται εἰς δρχ. 65.000.

Ἐκτίθεται εἰς δημοπρασίαν ἡ προμήθεια ὑλικῶν διὰ τὰς ἀνάγκας τῆς Γενικῆς Διοικήσεως Μακεδονίας. Ὁ προϋπολογισμὸς ἀνέρχεται εἰς δρχ. 65.000.

ΠΡΟΣΚΛΗΣΙΣ ΦΟΡΟΛΟΓΟΥΜΕΝΩΝ ΓΕΩΡΓΙΚΗΣ ΠΑΡΑΓΩΓΗΣ

Ἀριθ. 5419179. Ὁ Δήμαρχος Θεσσαλονίκης καλεῖ τοὺς φορολογουμένους ὅπως προσέλθουν εἰς τὸ Δημοτικὸν Κατάστημα πρὸς ἐξόφλησιν τῶν ὀφειλῶν των διὰ τὰ ἔτη 1927—28.

Ἀριθ. 5419179. Ὁ Δήμαρχος Θεσσαλονίκης καλεῖ τοὺς φορολογουμένους ὅπως προσέλθουν εἰς τὸ Δημοτικὸν Κατάστημα πρὸς ἐξόφλησιν τῶν ὀφειλῶν των διὰ τὰ ἔτη 1927—28.

Ὁ Δήμαρχος Μ. ΠΑΤΡΙΚΙΟΣ
ΕΚΔΡΟΜΗ ΒΙΕΝΝΗΣ

Ἡ ἐκδρομὴ Βιέννης—Βουδαπέστης ἀναχωρεῖ ἐκ Θεσσαλονίκης τὴν 25ην Αὐγούστου. Πληροφορίαι εἰς τὸ Γραφεῖον Ὁδοιπορικῶν.

ΤΙΜΑΙ ΟΚΑΖΙΟΝ

Κατασκευάζονται ἔπιπλα πολυτελείας εἰς τιμὰς συναγωνισμοῦ. Ὁδὸς Ἐγνατία 112.

ΑΤΜΟΠΛΟΪΑ ΑΔΕΛΦΩΝ ΠΑΝΤΕΛΗ

Τὸ ἀτμόπλοιον «ΚΑΤΕΡΙΝΑ» τόννων 3000 ἀναχωρεῖ ἀπ᾽ εὐθείας διὰ ΒΟΛΟΝ, ΠΕΙΡΑΙΑ, ΠΟΡΤ-ΣΑΪΤ, ΑΛΕΞΑΝΔΡΕΙΑΝ.

ΟΙΚΟΝΟΜΙΚΟΝ ΔΕΛΤΙΟΝ
ΣΥΝΑΛΛΑΓΜΑ
	ΘΕΣΣ/ΝΙΚΗΣ	ΑΘΗΝΩΝ
Λίρα Ἀγγλίας	375	375.—
Δολλάριον	76.85	76.85
Φράγκον	3.03	3.02
Ἐλβετικόν	14.83	14.85
Ἰταλία	4.05	4.04
Σουηδία	14.85	14.85
Βέλγιον	10.80	10.78
Λέβα	55	56
Μάρκον	18.40	18.38
Τσεχοσλ.	2.28	2.29
Δηνάριον	1.35	1.35
ΧΡΥΣΑ
Ἀγγλία 372, Ἰταλία 375, Ναπολ. 298
ΧΡΗΜΑΤΙΣΤΗΡΙΟΝ ΑΘΗΝΩΝ
Λίρα Ἀγγλίας	375.—
Δολλάριον	76.80
Φράγκον	3.02
Ἰταλία	4.04
Λίρα Τάλλα	80.50
Προσφυγ. Ὁμόλογα	751.—
ΕΜΠΟΡΙΚΗ ΚΙΝΗΣΙΣ

Ἡ ἀγορὰ παρουσίασε χθὲς ζωηρὰν κίνησιν εἰς τὰ δημητριακά. Αἱ τιμαὶ τοῦ σίτου ἐσημείωσαν ἐλαφρὰν ἄνοδον.

Ἀγορὰ δημητριακῶν: σῖτος σκληρὸς δρχ. 7.10—7.20, μαλακὸς δρχ. 7.00, κριθὴ δρχ. 4.80, ἀραβόσιτος δρχ. 5.40, βρώμη δρχ. 4.60. Ἡ ζήτησις ὑπῆρξε περιωρισμένη.

ΑΙ ΠΡΟΣΦΥΓΙΚΑΙ ΟΜΟΛΟΓΙΑΙ

Αἱ προσφυγικαὶ ὁμολογίαι διεπραγματεύθησαν χθὲς εἰς τὸ Χρηματιστήριον μὲ ἀνοδικὴν τάσιν. Ἡ ζήτησις ὑπῆρξεν ζωηρὰ καὶ αἱ τιμαὶ ἐσημείωσαν ἄνοδον.

Ἀγορὰ δημητριακῶν: σῖτος σκληρὸς δρχ. 7.10—7.20, μαλακὸς δρχ. 7.00, κριθὴ δρχ. 4.80, ἀραβόσιτος δρχ. 5.40, βρώμη δρχ. 4.60. Ἡ ζήτησις ὑπῆρξε περιωρισμένη.

Ἡ ἀγορὰ παρουσίασε χθὲς ζωηρὰν κίνησιν εἰς τὰ δημητριακά. Αἱ τιμαὶ τοῦ σίτου ἐσημείωσαν ἐλαφρὰν ἄνοδον.

Ἀγορὰ δημητριακῶν: σῖτος σκληρὸς δρχ. 7.10—7.20, μαλακὸς δρχ. 7.00, κριθὴ δρχ. 4.80, ἀραβόσιτος δρχ. 5.40, βρώμη δρχ. 4.60. Ἡ ζήτησις ὑπῆρξε περιωρισμένη.

ΧΡΗΜΑΤΙΣΤΗΡΙΟΝ ΕΜΠΟΡΕΥΜΑΤΩΝ
ΔΗΜΗΤΡΙΑΚΑ

Σῖτος ἐγχ. πρ. ἀρ. ἀνεφ. κατὰ ποιότητα δρχ. 7.10—7.20

Ἀγορὰ δημητριακῶν: σῖτος σκληρὸς δρχ. 7.10—7.20, μαλακὸς δρχ. 7.00, κριθὴ δρχ. 4.80, ἀραβόσιτος δρχ. 5.40, βρώμη δρχ. 4.60. Ἡ ζήτησις ὑπῆρξε περιωρισμένη.

ΓΕΓΟΝΟΤΑ
ΠΟΛΙΤΙΚΗ ΚΙΝΗΣΙΣ

Ἀφίκετο χθὲς ἐκ Ἀθηνῶν ὁ Βουλευτὴς κ. Γ. Ἰωάννου μεταβάς πρὸς ἐπίσκεψιν τῶν φίλων του.

ΕΚΚΛΗΣΙΑΣΤΙΚΑ

Ὁ Γενικὸς Διοικητὴς κ. Καλλιδόπουλος συνεδρίασε μετὰ τῶν ἀρμοδίων πρὸς λῆψιν ἀποφάσεων.

ΑΙ ΠΡΟΣΦΥΓΙΚΑΙ ΕΠΙΤΡΟΠΑΙ

Τὸ ὑπουργεῖον Ἐσωτερικῶν ἐζήτησεν ἀναφορὰν περὶ τῶν ἐργασιῶν τῆς Ἐπιτροπῆς Ἀποκαταστάσεως τῶν προσφύγων.

ΠΡΟΣΩΡΙΝΟΣ ΜΗΝΥΤΗΡ

Κατὰ τὴν χθεσινὴν συνεδρίασιν ἀπεφασίσθη ἡ ἐκτέλεσις ἔργων διὰ τὴν ὕδρευσιν τῆς πόλεως.

ΣΥΛΛΗΨΕΙΣ

Ὑπὸ τῶν ἀστυνομικῶν ὀργάνων συνελήφθησαν χθὲς οἱ Μπακρατζόγλου, Ἀλεξανδρῆς καὶ Στεφανίδης διὰ κλοπήν.

ΟΙ ΚΑΙΣΑΡΙΩΤΑΙ

Τὸ νέον συμβούλιον τοῦ Συλλόγου τῶν Καισαριωτῶν συνεκροτήθη εἰς σῶμα ὡς ἑξῆς: Πρόεδρος Κ. Κυντῶν, Ἀντιπρόεδρος Ν. Μάκου.

Τὸ νέον συμβούλιον τοῦ Συλλόγου τῶν Καισαριωτῶν συνεκροτήθη εἰς σῶμα ὡς ἑξῆς: Πρόεδρος Κ. Κυντῶν, Ἀντιπρόεδρος Ν. Μάκου.

ΠΑΡΑΙΤΗΣΙΣ ΕΠΙΤΡΟΠΟΥ

Ὁ Καλλιδόπουλος ἐπεσκέφθη τὴν Ἐπιτροπὴν καὶ ὑπέβαλε τὴν παραίτησίν του.

ΑΠΩΛΕΙΑΙ

Ἀπωλέσθη χθὲς εἰς τὴν ὁδὸν Ἐγνατία πορτοφόλιον περιέχον ἔγγραφα. Ὁ εὑρὼν παρακαλεῖται νὰ τὸ παραδώσῃ.

ΑΠΑΤΗ

Ὁ Ἀντωνιάδης Χρ. Μπαζέα κατηγορεῖται ἐπὶ ἀπάτῃ εἰς βάρος ἐμπόρων τῆς πόλεως.

ΖΑΧΑΡΙΣ

Ὑπὸ τοῦ Ἀγορανομικοῦ Τμήματος ἐπεβλήθη πρόστιμον εἰς ἐμπόρους διὰ πώλησιν ζαχάρεως εἰς ὑπερβολικὰς τιμάς.

Ὑπὸ τοῦ Ἀγορανομικοῦ Τμήματος ἐπεβλήθη πρόστιμον εἰς ἐμπόρους διὰ πώλησιν ζαχάρεως εἰς ὑπερβολικὰς τιμάς.

ΓΑΛΛΟΙ ΕΚΔΡΟΜΕΙΣ ΕΙΣ ΘΕΣΣΑΛΟΝΙΚΗΝ

Περὶ τὰ μέσα Σεπτεμβρίου ἀφικνεῖται εἰς τὴν πόλιν μας ὁμὰς Γάλλων φοιτητῶν, μελῶν τῆς Ἐθνικῆς Ἑταιρείας, πρὸς ἐπίσκεψιν τῶν ἀρχαιοτήτων.

Περὶ τὰ μέσα Σεπτεμβρίου ἀφικνεῖται εἰς τὴν πόλιν μας ὁμὰς Γάλλων φοιτητῶν, μελῶν τῆς Ἐθνικῆς Ἑταιρείας, πρὸς ἐπίσκεψιν τῶν ἀρχαιοτήτων.

ΝΙΚ. Κ. ΚΕΡΑΜΕΥΣ
ΙΑΤΡΟΣ
ΓΥΝΑΙΚΟΛΟΓΟΣ — ΜΑΙΕΥΤΗΡ
Ἁγ. Σοφία 9

Ἀγ. Σπ. 11.130. ΣΕΛΛΑΙ. Ἀρχίσ. 2 π. πρ. ἀρ. ἀνεφ. 1.1.15 Ἀραβόσιτος ἀν. πρ. ἀρ. 7.25 ΕΖΘ. 5 Σῖτος ἀν. 6.80 Κριθὴ ἀν. 5.10 Ἀνέζητ. ΟΣΗΦΙΑ Φασόλια λευκὰ 8.50 ΕΡΘ. 40 δρχ. ΖΑΧΑΡΙΣ Γαλ. Λ. Μακεδ. 6.50—7.30 Ἄρας βάρους 5.80—6.30 ΟΡΥΖΑ Ἀλλ. ἔχ. ἀρ. 10.50

Ἀγ. Σπ. 11.130. ΣΕΛΛΑΙ. Ἀρχίσ. 2 π. πρ. ἀρ. ἀνεφ. 1.1.15 Ἀραβόσιτος ἀν. πρ. ἀρ. 7.25 ΕΖΘ. 5 Σῖτος ἀν. 6.80 Κριθὴ ἀν. 5.10 Ἀνέζητ. ΟΣΗΦΙΑ Φασόλια λευκὰ 8.50 ΕΡΘ. 40 δρχ. ΖΑΧΑΡΙΣ Γαλ. Λ. Μακεδ. 6.50—7.30 Ἄρας βάρους 5.80—6.30 ΟΡΥΖΑ Ἀλλ. ἔχ. ἀρ. 10.50

Ἀγ. Σπ. 11.130. ΣΕΛΛΑΙ. Ἀρχίσ. 2 π. πρ. ἀρ. ἀνεφ. 1.1.15 Ἀραβόσιτος ἀν. πρ. ἀρ. 7.25 ΕΖΘ. 5 Σῖτος ἀν. 6.80 Κριθὴ ἀν. 5.10 Ἀνέζητ. ΟΣΗΦΙΑ Φασόλια λευκὰ 8.50 ΕΡΘ. 40 δρχ. ΖΑΧΑΡΙΣ Γαλ. Λ. Μακεδ. 6.50—7.30 Ἄρας βάρους 5.80—6.30 ΟΡΥΖΑ Ἀλλ. ἔχ. ἀρ. 10.50
